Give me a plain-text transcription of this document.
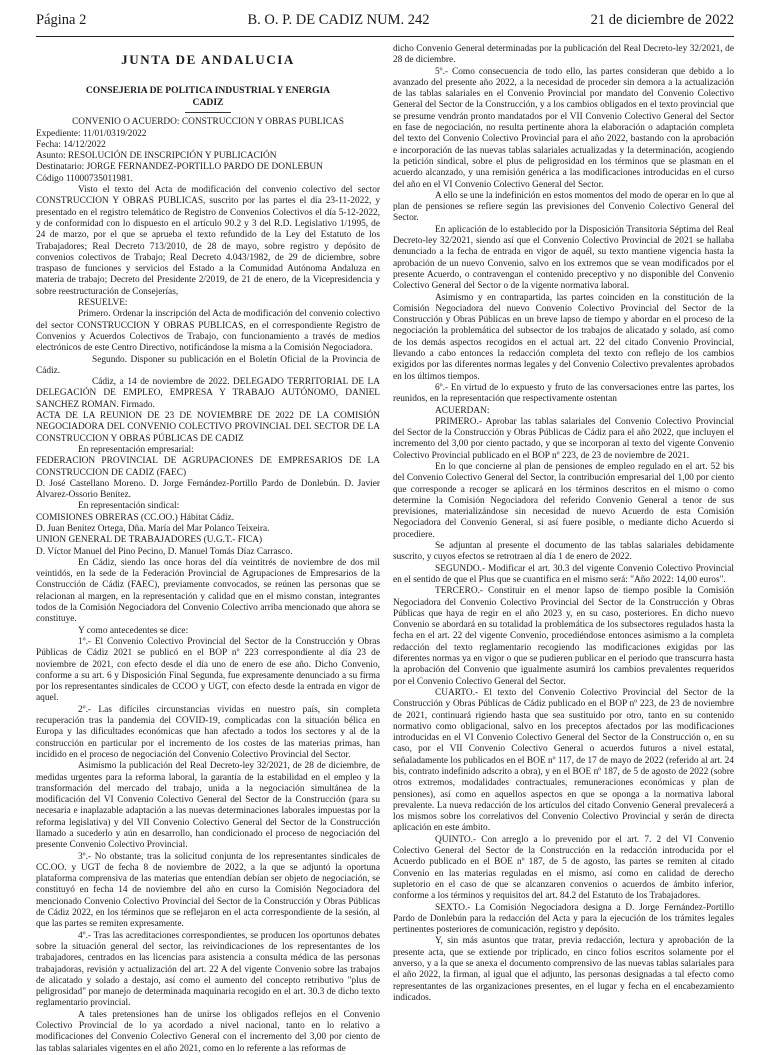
Página 2	B. O. P. DE CADIZ NUM. 242	21 de diciembre de 2022

JUNTA DE ANDALUCIA

CONSEJERIA DE POLITICA INDUSTRIAL Y ENERGIA

CADIZ

CONVENIO O ACUERDO: CONSTRUCCION Y OBRAS PUBLICAS

Expediente: 11/01/0319/2022

Fecha: 14/12/2022

Asunto: RESOLUCIÓN DE INSCRIPCIÓN Y PUBLICACIÓN

Destinatario: JORGE FERNANDEZ-PORTILLO PARDO DE DONLEBUN

Código 11000735011981.

Visto el texto del Acta de modificación del convenio colectivo del sector CONSTRUCCION Y OBRAS PUBLICAS, suscrito por las partes el día 23-11-2022, y presentado en el registro telemático de Registro de Convenios Colectivos el día 5-12-2022, y de conformidad con lo dispuesto en el artículo 90.2 y 3 del R.D. Legislativo 1/1995, de 24 de marzo, por el que se aprueba el texto refundido de la Ley del Estatuto de los Trabajadores; Real Decreto 713/2010, de 28 de mayo, sobre registro y depósito de convenios colectivos de Trabajo; Real Decreto 4.043/1982, de 29 de diciembre, sobre traspaso de funciones y servicios del Estado a la Comunidad Autónoma Andaluza en materia de trabajo; Decreto del Presidente 2/2019, de 21 de enero, de la Vicepresidencia y sobre reestructuración de Consejerías,

RESUELVE:

Primero. Ordenar la inscripción del Acta de modificación del convenio colectivo del sector CONSTRUCCION Y OBRAS PUBLICAS, en el correspondiente Registro de Convenios y Acuerdos Colectivos de Trabajo, con funcionamiento a través de medios electrónicos de este Centro Directivo, notificándose la misma a la Comisión Negociadora.

Segundo. Disponer su publicación en el Boletín Oficial de la Provincia de Cádiz.

Cádiz, a 14 de noviembre de 2022. DELEGADO TERRITORIAL DE LA DELEGACIÓN DE EMPLEO, EMPRESA Y TRABAJO AUTÓNOMO, DANIEL SANCHEZ ROMAN. Firmado.

ACTA DE LA REUNION DE 23 DE NOVIEMBRE DE 2022 DE LA COMISIÓN NEGOCIADORA DEL CONVENIO COLECTIVO PROVINCIAL DEL SECTOR DE LA CONSTRUCCION Y OBRAS PÚBLICAS DE CADIZ

En representación empresarial:

FEDERACION PROVINCIAL DE AGRUPACIONES DE EMPRESARIOS DE LA CONSTRUCCION DE CADIZ (FAEC)

D. José Castellano Moreno. D. Jorge Fernández-Portillo Pardo de Donlebún. D. Javier Alvarez-Ossorio Benítez.

En representación sindical:

COMISIONES OBRERAS (CC.OO.) Hábitat Cádiz.

D. Juan Benítez Ortega, Dña. María del Mar Polanco Teixeira.

UNION GENERAL DE TRABAJADORES (U.G.T.- FICA)

D. Víctor Manuel del Pino Pecino, D. Manuel Tomás Díaz Carrasco.

En Cádiz, siendo las once horas del día veintitrés de noviembre de dos mil veintidós, en la sede de la Federación Provincial de Agrupaciones de Empresarios de la Construcción de Cádiz (FAEC), previamente convocados, se reúnen las personas que se relacionan al margen, en la representación y calidad que en el mismo constan, integrantes todos de la Comisión Negociadora del Convenio Colectivo arriba mencionado que ahora se constituye.

Y como antecedentes se dice:

1º.- El Convenio Colectivo Provincial del Sector de la Construcción y Obras Públicas de Cádiz 2021 se publicó en el BOP nº 223 correspondiente al día 23 de noviembre de 2021, con efecto desde el día uno de enero de ese año. Dicho Convenio, conforme a su art. 6 y Disposición Final Segunda, fue expresamente denunciado a su firma por los representantes sindicales de CCOO y UGT, con efecto desde la entrada en vigor de aquel.

2º.- Las difíciles circunstancias vividas en nuestro país, sin completa recuperación tras la pandemia del COVID-19, complicadas con la situación bélica en Europa y las dificultades económicas que han afectado a todos los sectores y al de la construcción en particular por el incremento de los costes de las materias primas, han incidido en el proceso de negociación del Convenio Colectivo Provincial del Sector.

Asimismo la publicación del Real Decreto-ley 32/2021, de 28 de diciembre, de medidas urgentes para la reforma laboral, la garantía de la estabilidad en el empleo y la transformación del mercado del trabajo, unida a la negociación simultánea de la modificación del VI Convenio Colectivo General del Sector de la Construcción (para su necesaria e inaplazable adaptación a las nuevas determinaciones laborales impuestas por la reforma legislativa) y del VII Convenio Colectivo General del Sector de la Construcción llamado a sucederlo y aún en desarrollo, han condicionado el proceso de negociación del presente Convenio Colectivo Provincial.

3º.- No obstante, tras la solicitud conjunta de los representantes sindicales de CC.OO. y UGT de fecha 8 de noviembre de 2022, a la que se adjuntó la oportuna plataforma comprensiva de las materias que entendían debían ser objeto de negociación, se constituyó en fecha 14 de noviembre del año en curso la Comisión Negociadora del mencionado Convenio Colectivo Provincial del Sector de la Construcción y Obras Públicas de Cádiz 2022, en los términos que se reflejaron en el acta correspondiente de la sesión, al que las partes se remiten expresamente.

4º.- Tras las acreditaciones correspondientes, se producen los oportunos debates sobre la situación general del sector, las reivindicaciones de los representantes de los trabajadores, centrados en las licencias para asistencia a consulta médica de las personas trabajadoras, revisión y actualización del art. 22 A del vigente Convenio sobre las trabajos de alicatado y solado a destajo, así como el aumento del concepto retributivo "plus de peligrosidad" por manejo de determinada maquinaria recogido en el art. 30.3 de dicho texto reglamentario provincial.

A tales pretensiones han de unirse los obligados reflejos en el Convenio Colectivo Provincial de lo ya acordado a nivel nacional, tanto en lo relativo a modificaciones del Convenio Colectivo General con el incremento del 3,00 por ciento de las tablas salariales vigentes en el año 2021, como en lo referente a las reformas de

dicho Convenio General determinadas por la publicación del Real Decreto-ley 32/2021, de 28 de diciembre.

5º.- Como consecuencia de todo ello, las partes consideran que debido a lo avanzado del presente año 2022, a la necesidad de proceder sin demora a la actualización de las tablas salariales en el Convenio Provincial por mandato del Convenio Colectivo General del Sector de la Construcción, y a los cambios obligados en el texto provincial que se presume vendrán pronto mandatados por el VII Convenio Colectivo General del Sector en fase de negociación, no resulta pertinente ahora la elaboración o adaptación completa del texto del Convenio Colectivo Provincial para el año 2022, bastando con la aprobación e incorporación de las nuevas tablas salariales actualizadas y la determinación, acogiendo la petición sindical, sobre el plus de peligrosidad en los términos que se plasman en el acuerdo alcanzado, y una remisión genérica a las modificaciones introducidas en el curso del año en el VI Convenio Colectivo General del Sector.

A ello se une la indefinición en estos momentos del modo de operar en lo que al plan de pensiones se refiere según las previsiones del Convenio Colectivo General del Sector.

En aplicación de lo establecido por la Disposición Transitoria Séptima del Real Decreto-ley 32/2021, siendo así que el Convenio Colectivo Provincial de 2021 se hallaba denunciado a la fecha de entrada en vigor de aquél, su texto mantiene vigencia hasta la aprobación de un nuevo Convenio, salvo en los extremos que se vean modificados por el presente Acuerdo, o contravengan el contenido preceptivo y no disponible del Convenio Colectivo General del Sector o de la vigente normativa laboral.

Asimismo y en contrapartida, las partes coinciden en la constitución de la Comisión Negociadora del nuevo Convenio Colectivo Provincial del Sector de la Construcción y Obras Públicas en un breve lapso de tiempo y abordar en el proceso de la negociación la problemática del subsector de los trabajos de alicatado y solado, así como de los demás aspectos recogidos en el actual art. 22 del citado Convenio Provincial, llevando a cabo entonces la redacción completa del texto con reflejo de los cambios exigidos por las diferentes normas legales y del Convenio Colectivo prevalentes aprobados en los últimos tiempos.

6º.- En virtud de lo expuesto y fruto de las conversaciones entre las partes, los reunidos, en la representación que respectivamente ostentan

ACUERDAN:

PRIMERO.- Aprobar las tablas salariales del Convenio Colectivo Provincial del Sector de la Construcción y Obras Públicas de Cádiz para el año 2022, que incluyen el incremento del 3,00 por ciento pactado, y que se incorporan al texto del vigente Convenio Colectivo Provincial publicado en el BOP nº 223, de 23 de noviembre de 2021.

En lo que concierne al plan de pensiones de empleo regulado en el art. 52 bis del Convenio Colectivo General del Sector, la contribución empresarial del 1,00 por ciento que corresponde a recoger se aplicará en los términos descritos en el mismo o como determine la Comisión Negociadora del referido Convenio General a tenor de sus previsiones, materializándose sin necesidad de nuevo Acuerdo de esta Comisión Negociadora del Convenio General, si así fuere posible, o mediante dicho Acuerdo si procediere.

Se adjuntan al presente el documento de las tablas salariales debidamente suscrito, y cuyos efectos se retrotraen al día 1 de enero de 2022.

SEGUNDO.- Modificar el art. 30.3 del vigente Convenio Colectivo Provincial en el sentido de que el Plus que se cuantifica en el mismo será: "Año 2022: 14,00 euros".

TERCERO.- Constituir en el menor lapso de tiempo posible la Comisión Negociadora del Convenio Colectivo Provincial del Sector de la Construcción y Obras Públicas que haya de regir en el año 2023 y, en su caso, posteriores. En dicho nuevo Convenio se abordará en su totalidad la problemática de los subsectores regulados hasta la fecha en el art. 22 del vigente Convenio, procediéndose entonces asimismo a la completa redacción del texto reglamentario recogiendo las modificaciones exigidas por las diferentes normas ya en vigor o que se pudieren publicar en el periodo que transcurra hasta la aprobación del Convenio que igualmente asumirá los cambios prevalentes requeridos por el Convenio Colectivo General del Sector.

CUARTO.- El texto del Convenio Colectivo Provincial del Sector de la Construcción y Obras Públicas de Cádiz publicado en el BOP nº 223, de 23 de noviembre de 2021, continuará rigiendo hasta que sea sustituido por otro, tanto en su contenido normativo como obligacional, salvo en los preceptos afectados por las modificaciones introducidas en el VI Convenio Colectivo General del Sector de la Construcción o, en su caso, por el VII Convenio Colectivo General o acuerdos futuros a nivel estatal, señaladamente los publicados en el BOE nº 117, de 17 de mayo de 2022 (referido al art. 24 bis, contrato indefinido adscrito a obra), y en el BOE nº 187, de 5 de agosto de 2022 (sobre otros extremos, modalidades contractuales, remuneraciones económicas y plan de pensiones), así como en aquellos aspectos en que se oponga a la normativa laboral prevalente. La nueva redacción de los artículos del citado Convenio General prevalecerá a los mismos sobre los correlativos del Convenio Colectivo Provincial y serán de directa aplicación en este ámbito.

QUINTO.- Con arreglo a lo prevenido por el art. 7. 2 del VI Convenio Colectivo General del Sector de la Construcción en la redacción introducida por el Acuerdo publicado en el BOE nº 187, de 5 de agosto, las partes se remiten al citado Convenio en las materias reguladas en el mismo, así como en calidad de derecho supletorio en el caso de que se alcanzaren convenios o acuerdos de ámbito inferior, conforme a los términos y requisitos del art. 84.2 del Estatuto de los Trabajadores.

SEXTO.- La Comisión Negociadora designa a D. Jorge Fernández-Portillo Pardo de Donlebún para la redacción del Acta y para la ejecución de los trámites legales pertinentes posteriores de comunicación, registro y depósito.

Y, sin más asuntos que tratar, previa redacción, lectura y aprobación de la presente acta, que se extiende por triplicado, en cinco folios escritos solamente por el anverso, y a la que se anexa el documento comprensivo de las nuevas tablas salariales para el año 2022, la firman, al igual que el adjunto, las personas designadas a tal efecto como representantes de las organizaciones presentes, en el lugar y fecha en el encabezamiento indicados.
